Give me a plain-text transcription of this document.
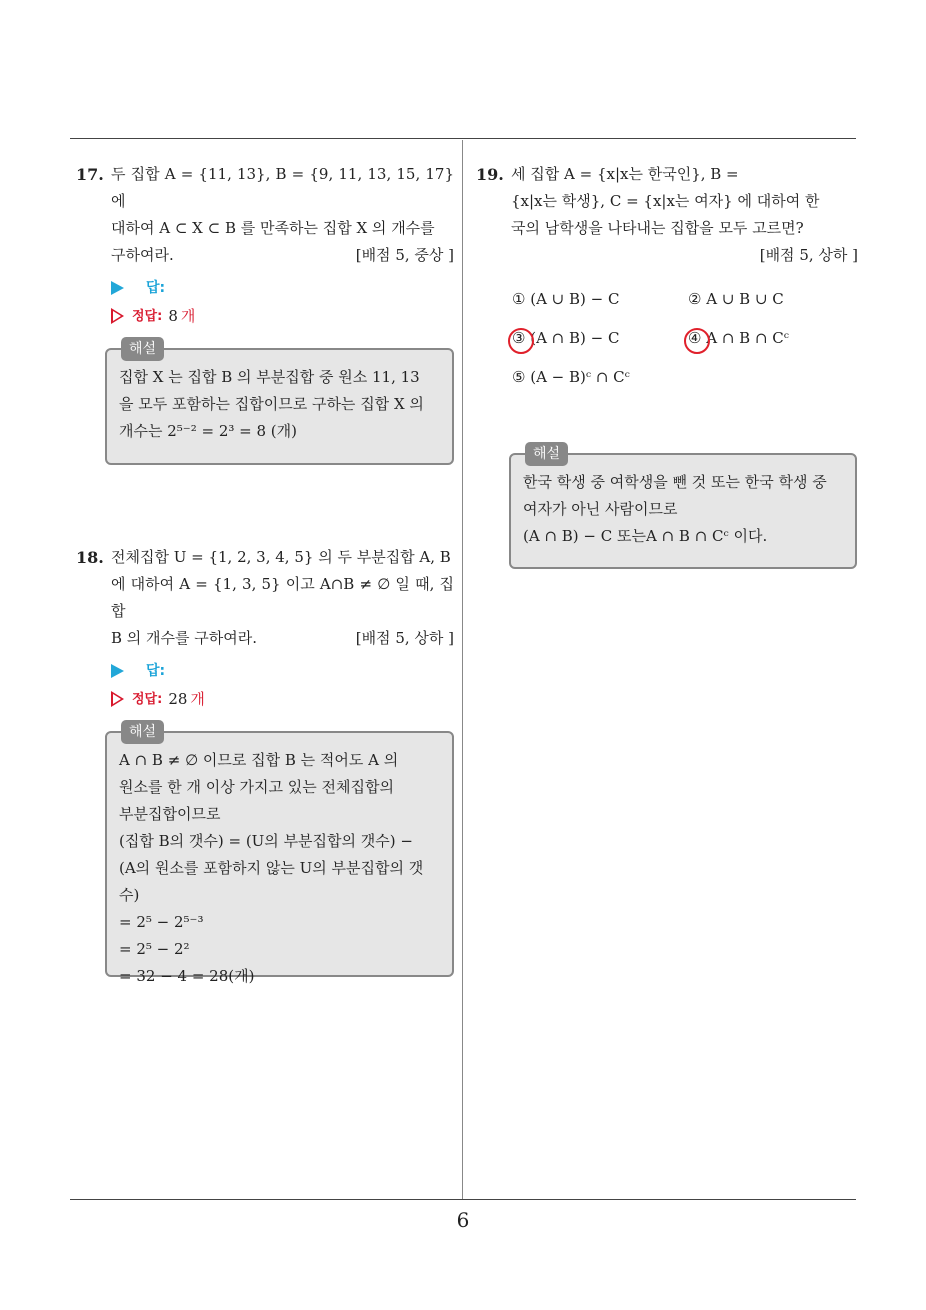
17. 두 집합 A = {11, 13}, B = {9, 11, 13, 15, 17} 에
대하여 A ⊂ X ⊂ B 를 만족하는 집합 X 의 개수를
구하여라.	[배점 5, 중상 ]
답:
정답: 8 개
해설
집합 X 는 집합 B 의 부분집합 중 원소 11, 13
을 모두 포함하는 집합이므로 구하는 집합 X 의
개수는 2⁵⁻² = 2³ = 8 (개)
18. 전체집합 U = {1, 2, 3, 4, 5} 의 두 부분집합 A, B
에 대하여 A = {1, 3, 5} 이고 A∩B ≠ ∅ 일 때, 집합
B 의 개수를 구하여라.	[배점 5, 상하 ]
답:
정답: 28 개
해설
A ∩ B ≠ ∅ 이므로 집합 B 는 적어도 A 의
원소를 한 개 이상 가지고 있는 전체집합의
부분집합이므로
(집합 B의 갯수) = (U의 부분집합의 갯수) −
(A의 원소를 포함하지 않는 U의 부분집합의 갯수)
= 2⁵ − 2⁵⁻³
= 2⁵ − 2²
= 32 − 4 = 28(개)
19. 세 집합 A = {x|x는 한국인}, B =
{x|x는 학생}, C = {x|x는 여자} 에 대하여 한
국의 남학생을 나타내는 집합을 모두 고르면?
[배점 5, 상하 ]
① (A ∪ B) − C	② A ∪ B ∪ C
③ (A ∩ B) − C	④ A ∩ B ∩ Cᶜ
⑤ (A − B)ᶜ ∩ Cᶜ
해설
한국 학생 중 여학생을 뺀 것 또는 한국 학생 중
여자가 아닌 사람이므로
(A ∩ B) − C 또는A ∩ B ∩ Cᶜ 이다.
6
